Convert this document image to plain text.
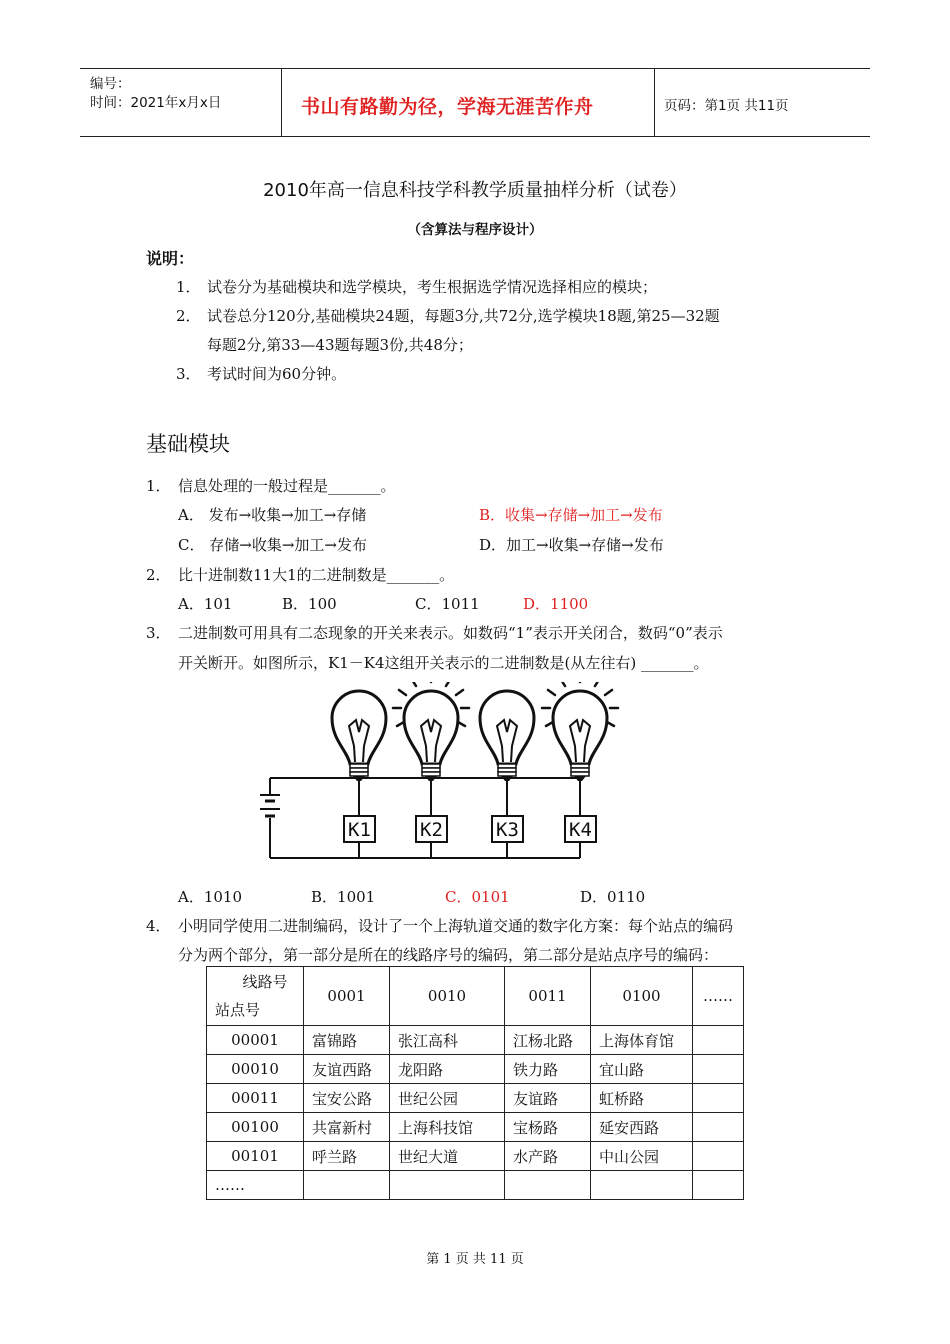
编号：
时间：2021年x月x日	书山有路勤为径，学海无涯苦作舟	页码：第1页 共11页
2010年高一信息科技学科教学质量抽样分析（试卷）
（含算法与程序设计）
说明：
1． 试卷分为基础模块和选学模块，考生根据选学情况选择相应的模块；
2． 试卷总分120分,基础模块24题，每题3分,共72分,选学模块18题,第25—32题
每题2分,第33—43题每题3份,共48分；
3． 考试时间为60分钟。
基础模块
1． 信息处理的一般过程是_______。
A． 发布→收集→加工→存储	B．收集→存储→加工→发布
C． 存储→收集→加工→发布	D．加工→收集→存储→发布
2． 比十进制数11大1的二进制数是_______。
A．101	B．100	C．1011	D．1100
3． 二进制数可用具有二态现象的开关来表示。如数码“1”表示开关闭合，数码“0”表示
开关断开。如图所示，K1－K4这组开关表示的二进制数是(从左往右) _______。
K1	K2	K3	K4
A．1010	B．1001	C．0101	D．0110
4． 小明同学使用二进制编码，设计了一个上海轨道交通的数字化方案：每个站点的编码
分为两个部分，第一部分是所在的线路序号的编码，第二部分是站点序号的编码：
线路号
站点号	0001	0010	0011	0100	……
00001	富锦路	张江高科	江杨北路	上海体育馆	
00010	友谊西路	龙阳路	铁力路	宜山路	
00011	宝安公路	世纪公园	友谊路	虹桥路	
00100	共富新村	上海科技馆	宝杨路	延安西路	
00101	呼兰路	世纪大道	水产路	中山公园	
……					
第 1 页 共 11 页
